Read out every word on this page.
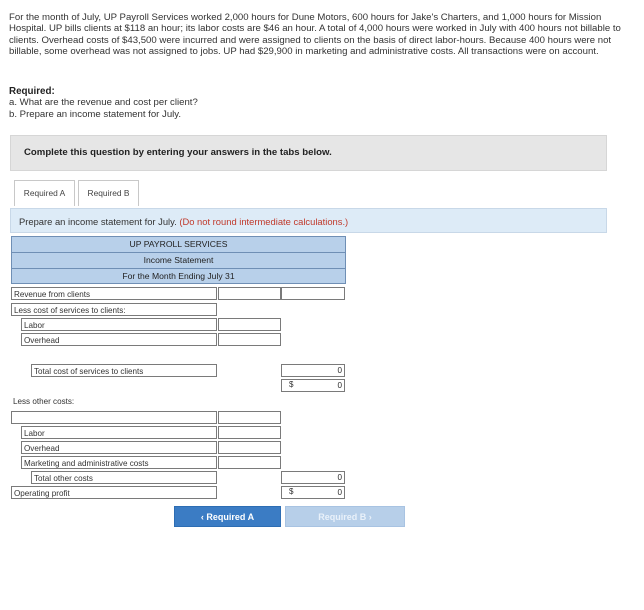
For the month of July, UP Payroll Services worked 2,000 hours for Dune Motors, 600 hours for Jake's Charters, and 1,000 hours for Mission Hospital. UP bills clients at $118 an hour; its labor costs are $46 an hour. A total of 4,000 hours were worked in July with 400 hours not billable to clients. Overhead costs of $43,500 were incurred and were assigned to clients on the basis of direct labor-hours. Because 400 hours were not billable, some overhead was not assigned to jobs. UP had $29,900 in marketing and administrative costs. All transactions were on account.
Required:
a. What are the revenue and cost per client?
b. Prepare an income statement for July.
Complete this question by entering your answers in the tabs below.
Required A	Required B
Prepare an income statement for July. (Do not round intermediate calculations.)
UP PAYROLL SERVICES
Income Statement
For the Month Ending July 31
Revenue from clients
Less cost of services to clients:
Labor
Overhead
Total cost of services to clients	0
$	0
Less other costs:
Labor
Overhead
Marketing and administrative costs
Total other costs	0
Operating profit	$	0
‹ Required A	Required B ›
